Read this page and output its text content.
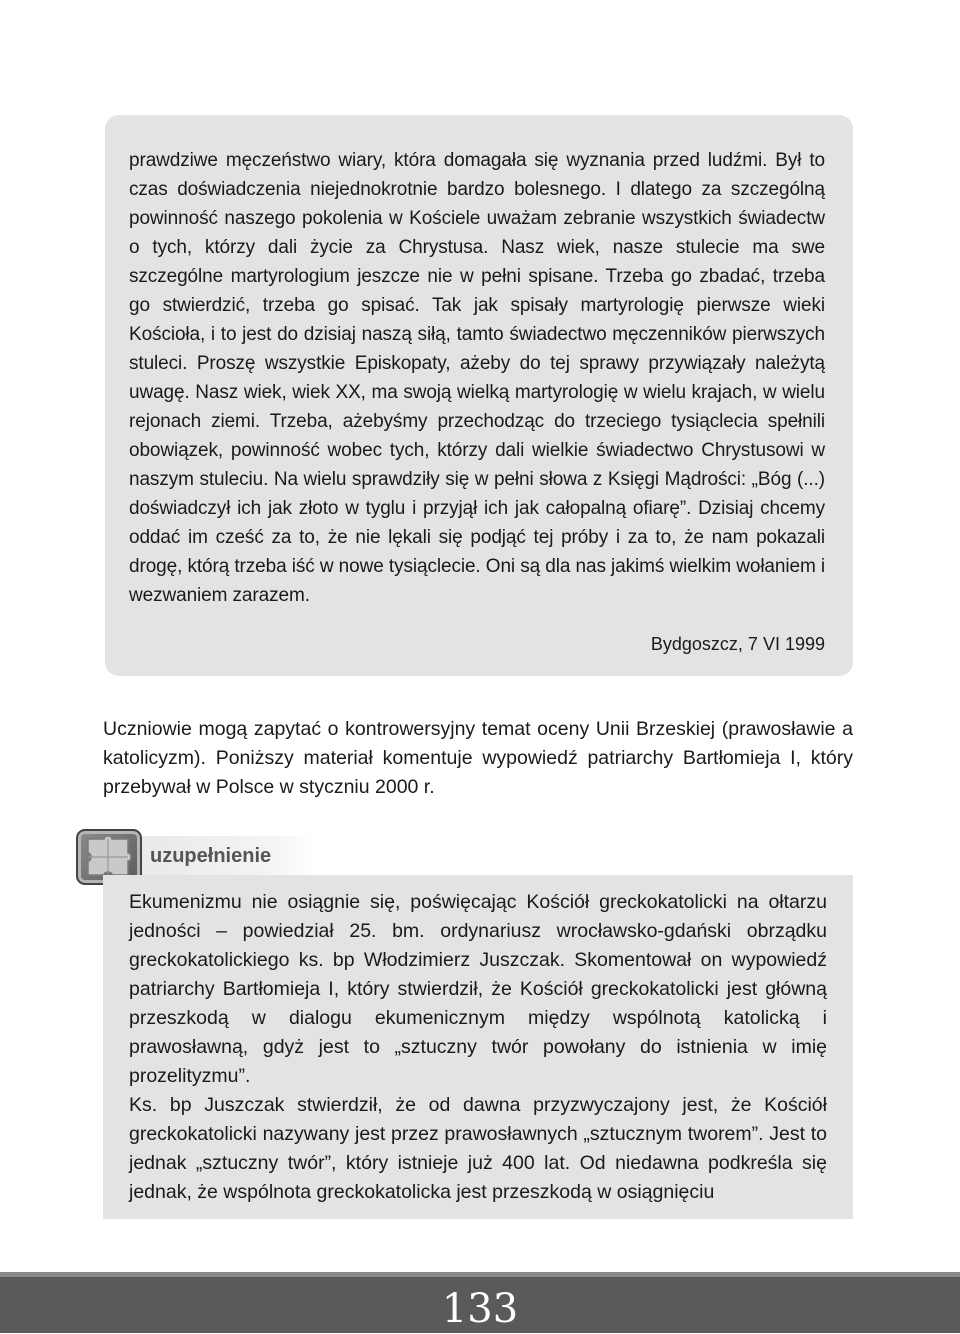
prawdziwe męczeństwo wiary, która domagała się wyznania przed ludźmi. Był to czas doświadczenia niejednokrotnie bardzo bolesnego. I dlatego za szczególną powinność naszego pokolenia w Kościele uważam zebranie wszystkich świadectw o tych, którzy dali życie za Chrystusa. Nasz wiek, nasze stulecie ma swe szczególne martyrologium jeszcze nie w pełni spisane. Trzeba go zbadać, trzeba go stwierdzić, trzeba go spisać. Tak jak spisały martyrologię pierwsze wieki Kościoła, i to jest do dzisiaj naszą siłą, tamto świadectwo męczenników pierwszych stuleci. Proszę wszystkie Episkopaty, ażeby do tej sprawy przywiązały należytą uwagę. Nasz wiek, wiek XX, ma swoją wielką martyrologię w wielu krajach, w wielu rejonach ziemi. Trzeba, ażebyśmy przechodząc do trzeciego tysiąclecia spełnili obowiązek, powinność wobec tych, którzy dali wielkie świadectwo Chrystusowi w naszym stuleciu. Na wielu sprawdziły się w pełni słowa z Księgi Mądrości: „Bóg (...) doświadczył ich jak złoto w tyglu i przyjął ich jak całopalną ofiarę”. Dzisiaj chcemy oddać im cześć za to, że nie lękali się podjąć tej próby i za to, że nam pokazali drogę, którą trzeba iść w nowe tysiąclecie. Oni są dla nas jakimś wielkim wołaniem i wezwaniem zarazem.

Bydgoszcz, 7 VI 1999

Uczniowie mogą zapytać o kontrowersyjny temat oceny Unii Brzeskiej (prawosławie a katolicyzm). Poniższy materiał komentuje wypowiedź patriarchy Bartłomieja I, który przebywał w Polsce w styczniu 2000 r.

uzupełnienie

Ekumenizmu nie osiągnie się, poświęcając Kościół greckokatolicki na ołtarzu jedności – powiedział 25. bm. ordynariusz wrocławsko-gdański obrządku greckokatolickiego ks. bp Włodzimierz Juszczak. Skomentował on wypowiedź patriarchy Bartłomieja I, który stwierdził, że Kościół greckokatolicki jest główną przeszkodą w dialogu ekumenicznym między wspólnotą katolicką i prawosławną, gdyż jest to „sztuczny twór powołany do istnienia w imię prozelityzmu”.

Ks. bp Juszczak stwierdził, że od dawna przyzwyczajony jest, że Kościół greckokatolicki nazywany jest przez prawosławnych „sztucznym tworem”. Jest to jednak „sztuczny twór”, który istnieje już 400 lat. Od niedawna podkreśla się jednak, że wspólnota greckokatolicka jest przeszkodą w osiągnięciu

133
